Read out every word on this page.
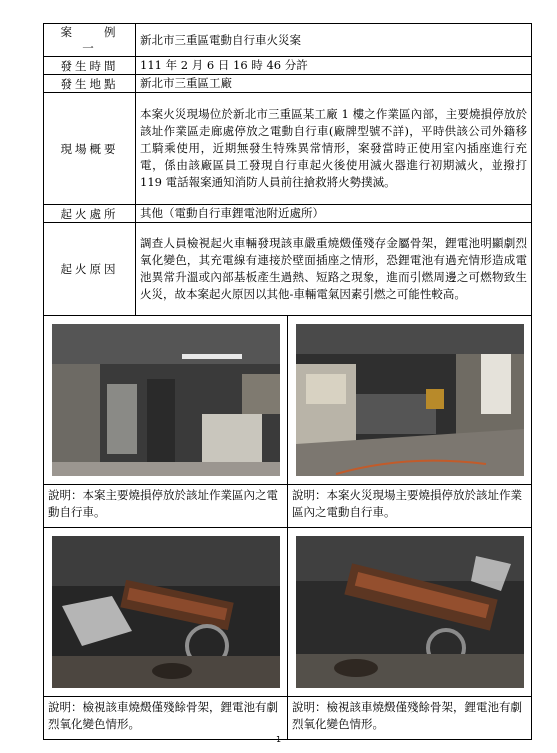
案　　例　　一	新北市三重區電動自行車火災案	
發生時間	111 年 2 月 6 日 16 時 46 分許	
發生地點	新北市三重區工廠	
現場概要	本案火災現場位於新北市三重區某工廠 1 樓之作業區內部，主要燒損停放於該址作業區走廊處停放之電動自行車(廠牌型號不詳)，平時供該公司外籍移工騎乘使用，近期無發生特殊異常情形，案發當時正使用室內插座進行充電，係由該廠區員工發現自行車起火後使用滅火器進行初期滅火，並撥打 119 電話報案通知消防人員前往搶救將火勢撲滅。	
起火處所	其他（電動自行車鋰電池附近處所）	
起火原因	調查人員檢視起火車輛發現該車嚴重燒燬僅殘存金屬骨架，鋰電池明顯劇烈氧化變色，其充電線有連接於壁面插座之情形，恐鋰電池有過充情形造成電池異常升溫或內部基板產生過熱、短路之現象，進而引燃周邊之可燃物致生火災，故本案起火原因以其他-車輛電氣因素引燃之可能性較高。	

說明：本案主要燒損停放於該址作業區內之電動自行車。		說明：本案火災現場主要燒損停放於該址作業區內之電動自行車。

說明：檢視該車燒燬僅殘餘骨架，鋰電池有劇烈氧化變色情形。		說明：檢視該車燒燬僅殘餘骨架，鋰電池有劇烈氧化變色情形。
1
